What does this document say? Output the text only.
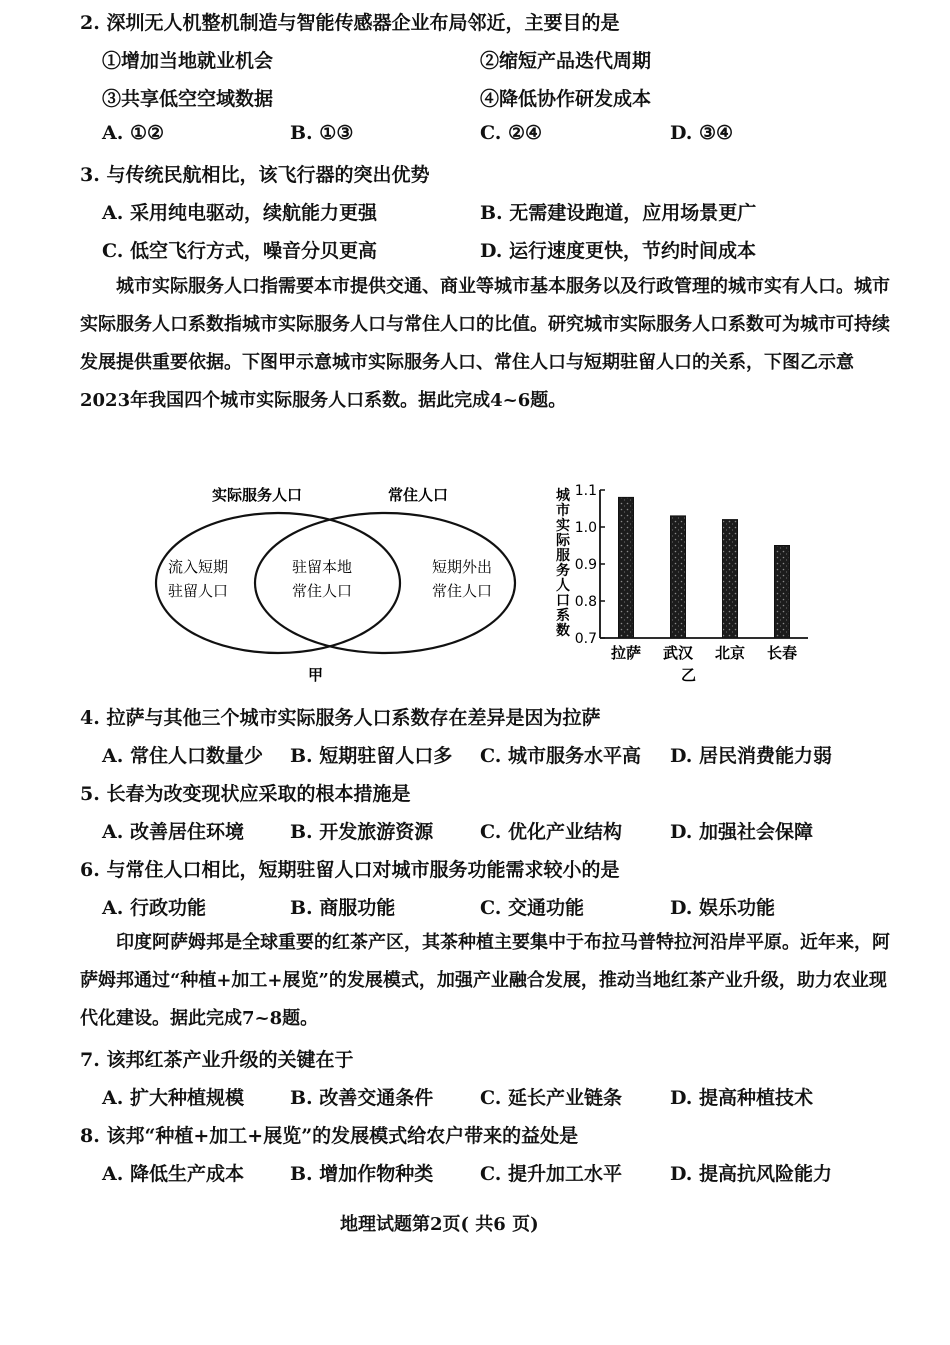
2. 深圳无人机整机制造与智能传感器企业布局邻近，主要目的是
①增加当地就业机会	②缩短产品迭代周期
③共享低空空域数据	④降低协作研发成本
A. ①②	B. ①③	C. ②④	D. ③④
3. 与传统民航相比，该飞行器的突出优势
A. 采用纯电驱动，续航能力更强	B. 无需建设跑道，应用场景更广
C. 低空飞行方式，噪音分贝更高	D. 运行速度更快，节约时间成本

城市实际服务人口指需要本市提供交通、商业等城市基本服务以及行政管理的城市实有人口。城市实际服务人口系数指城市实际服务人口与常住人口的比值。研究城市实际服务人口系数可为城市可持续发展提供重要依据。下图甲示意城市实际服务人口、常住人口与短期驻留人口的关系，下图乙示意2023年我国四个城市实际服务人口系数。据此完成4~6题。

实际服务人口	常住人口
流入短期
驻留人口
驻留本地
常住人口
短期外出
常住人口
甲
城
市
实
际
服
务
人
口
系
数 0.7
0.8
0.9
1.0
1.1
拉萨 武汉 北京 长春
乙
4. 拉萨与其他三个城市实际服务人口系数存在差异是因为拉萨
A. 常住人口数量少 B. 短期驻留人口多 C. 城市服务水平高 D. 居民消费能力弱
5. 长春为改变现状应采取的根本措施是
A. 改善居住环境 B. 开发旅游资源 C. 优化产业结构	D. 加强社会保障
6. 与常住人口相比，短期驻留人口对城市服务功能需求较小的是
A. 行政功能	B. 商服功能	C. 交通功能	D. 娱乐功能

印度阿萨姆邦是全球重要的红茶产区，其茶种植主要集中于布拉马普特拉河沿岸平原。近年来，阿萨姆邦通过“种植+加工+展览”的发展模式，加强产业融合发展，推动当地红茶产业升级，助力农业现代化建设。据此完成7~8题。

7. 该邦红茶产业升级的关键在于
A. 扩大种植规模 B. 改善交通条件 C. 延长产业链条	D. 提高种植技术
8. 该邦“种植+加工+展览”的发展模式给农户带来的益处是
A. 降低生产成本 B. 增加作物种类 C. 提升加工水平	D. 提高抗风险能力
地理试题第2页( 共6 页)
